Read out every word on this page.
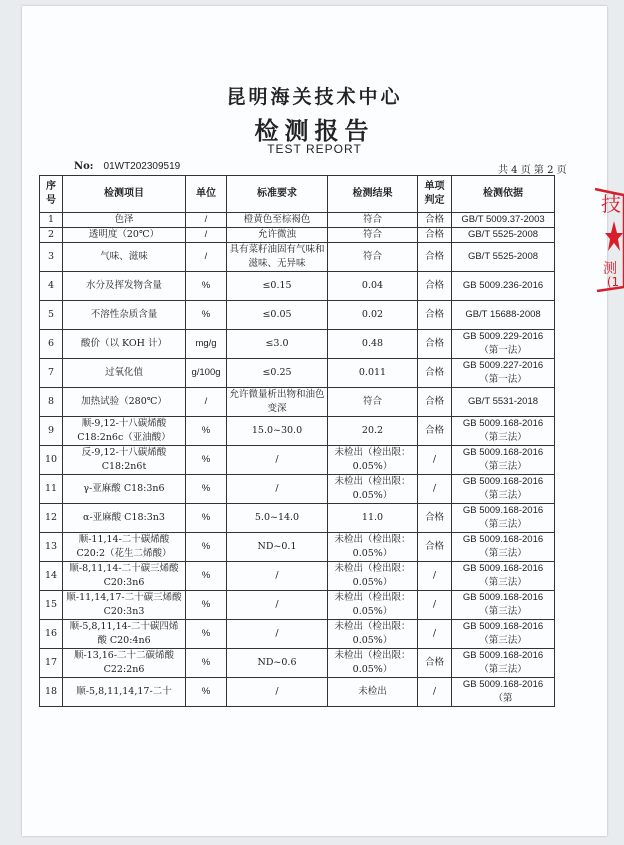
昆明海关技术中心
检测报告
TEST REPORT
No: 01WT202309519	共 4 页 第 2 页
序号	检测项目	单位	标准要求	检测结果	单项判定	检测依据
1	色泽	/	橙黄色至棕褐色	符合	合格	GB/T 5009.37-2003
2	透明度（20℃）	/	允许微浊	符合	合格	GB/T 5525-2008
3	气味、滋味	/	具有菜籽油固有气味和滋味、无异味	符合	合格	GB/T 5525-2008
4	水分及挥发物含量	%	≤0.15	0.04	合格	GB 5009.236-2016
5	不溶性杂质含量	%	≤0.05	0.02	合格	GB/T 15688-2008
6	酸价（以 KOH 计）	mg/g	≤3.0	0.48	合格	GB 5009.229-2016（第一法）
7	过氧化值	g/100g	≤0.25	0.011	合格	GB 5009.227-2016（第一法）
8	加热试验（280℃）	/	允许微量析出物和油色变深	符合	合格	GB/T 5531-2018
9	顺-9,12-十八碳烯酸 C18:2n6c（亚油酸）	%	15.0~30.0	20.2	合格	GB 5009.168-2016（第三法）
10	反-9,12-十八碳烯酸 C18:2n6t	%	/	未检出（检出限：0.05%）	/	GB 5009.168-2016（第三法）
11	γ-亚麻酸 C18:3n6	%	/	未检出（检出限：0.05%）	/	GB 5009.168-2016（第三法）
12	α-亚麻酸 C18:3n3	%	5.0~14.0	11.0	合格	GB 5009.168-2016（第三法）
13	顺-11,14-二十碳烯酸 C20:2（花生二烯酸）	%	ND~0.1	未检出（检出限：0.05%）	合格	GB 5009.168-2016（第三法）
14	顺-8,11,14-二十碳三烯酸 C20:3n6	%	/	未检出（检出限：0.05%）	/	GB 5009.168-2016（第三法）
15	顺-11,14,17-二十碳三烯酸 C20:3n3	%	/	未检出（检出限：0.05%）	/	GB 5009.168-2016（第三法）
16	顺-5,8,11,14-二十碳四烯酸 C20:4n6	%	/	未检出（检出限：0.05%）	/	GB 5009.168-2016（第三法）
17	顺-13,16-二十二碳烯酸 C22:2n6	%	ND~0.6	未检出（检出限：0.05%）	合格	GB 5009.168-2016（第三法）
18	顺-5,8,11,14,17-二十	%	/	未检出	/	GB 5009.168-2016（第
技
测
(1
